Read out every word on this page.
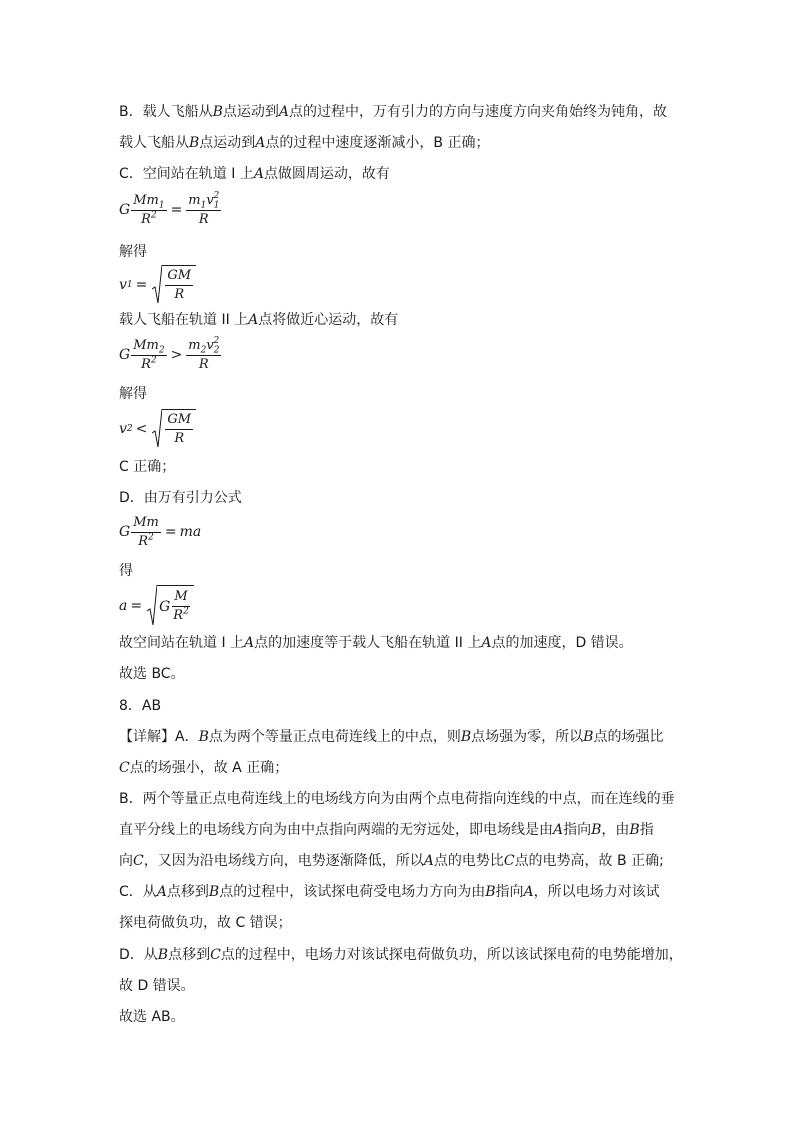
B．载人飞船从B点运动到A点的过程中，万有引力的方向与速度方向夹角始终为钝角，故
载人飞船从B点运动到A点的过程中速度逐渐减小，B 正确；
C．空间站在轨道 I 上A点做圆周运动，故有
G $\frac{Mm_1}{R^2} = \frac{m_1v_1^2}{R}$
解得
v $1 = \frac{GM}{R}$
载人飞船在轨道 II 上A点将做近心运动，故有
G $\frac{Mm_2}{R^2} > \frac{m_2v_2^2}{R}$
解得
v $2 < \frac{GM}{R}$
C 正确；
D．由万有引力公式
G $\frac{Mm}{R^2}$ = ma
得
a = G $\frac{M}{R^2}$
故空间站在轨道 I 上A点的加速度等于载人飞船在轨道 II 上A点的加速度，D 错误。
故选 BC。
8．AB
【详解】A．B点为两个等量正点电荷连线上的中点，则B点场强为零，所以B点的场强比
C点的场强小，故 A 正确；
B．两个等量正点电荷连线上的电场线方向为由两个点电荷指向连线的中点，而在连线的垂
直平分线上的电场线方向为由中点指向两端的无穷远处，即电场线是由A指向B，由B指
向C，又因为沿电场线方向，电势逐渐降低，所以A点的电势比C点的电势高，故 B 正确;
C．从A点移到B点的过程中，该试探电荷受电场力方向为由B指向A，所以电场力对该试
探电荷做负功，故 C 错误；
D．从B点移到C点的过程中，电场力对该试探电荷做负功，所以该试探电荷的电势能增加，
故 D 错误。
故选 AB。
